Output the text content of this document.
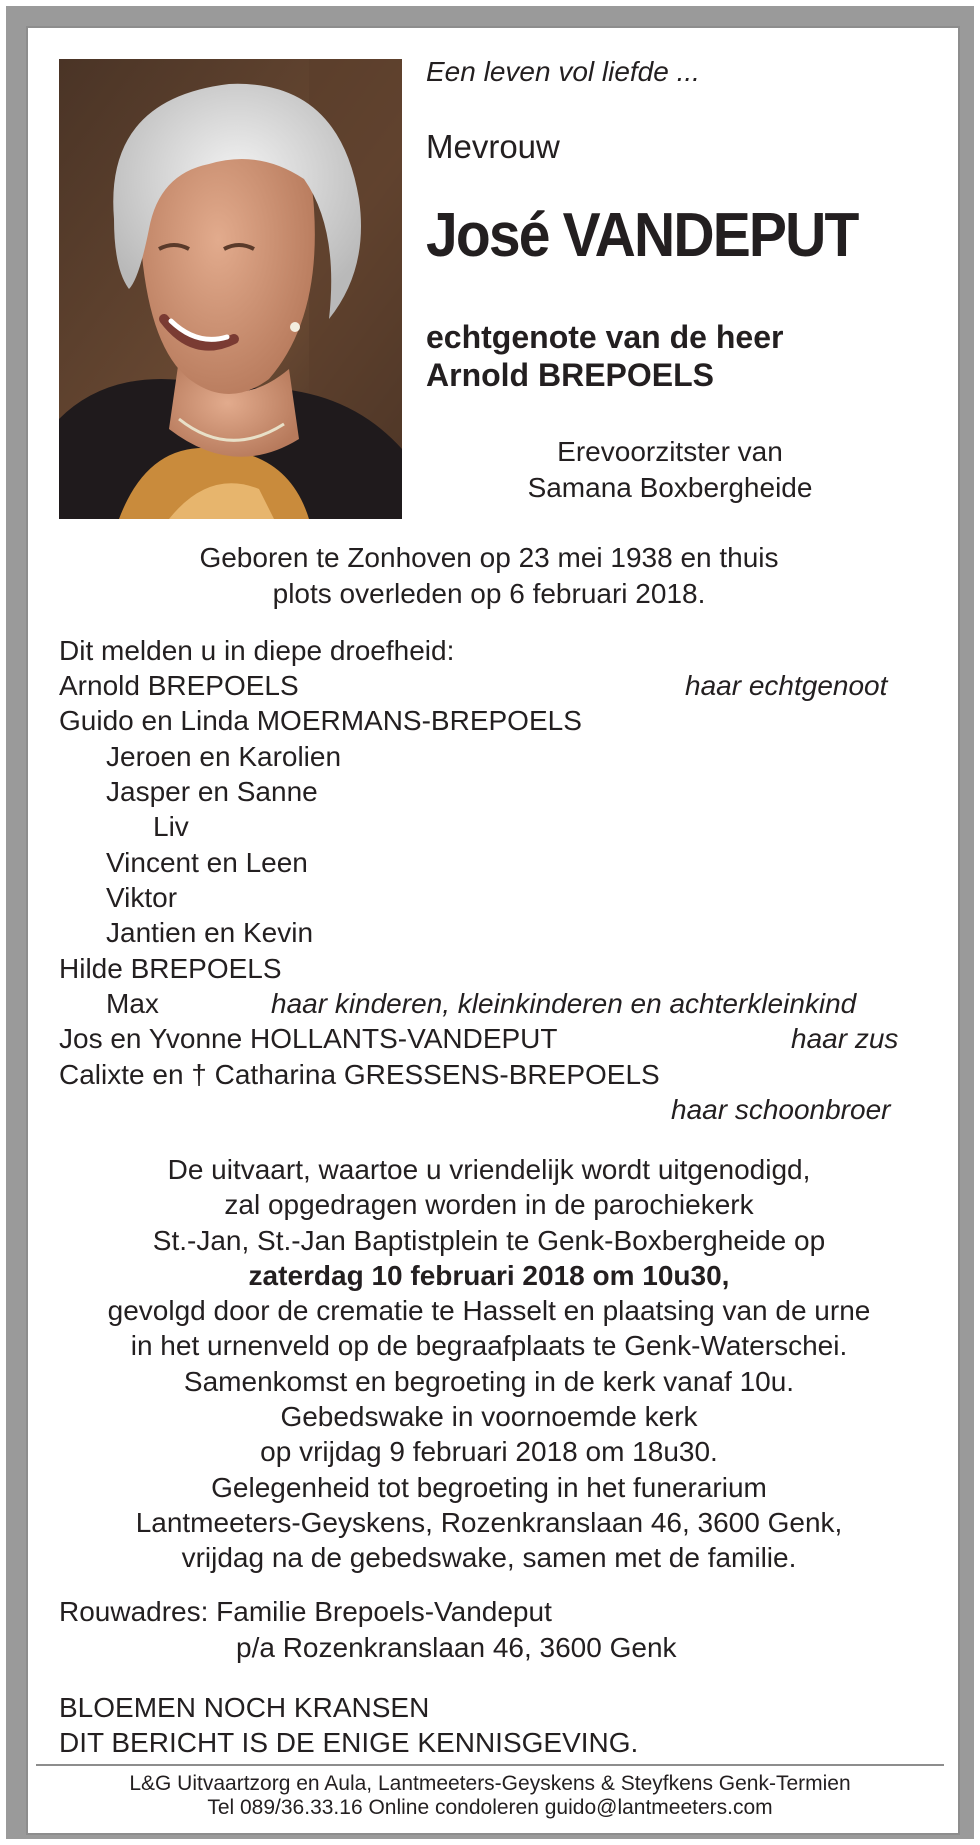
Een leven vol liefde ...
Mevrouw
José VANDEPUT
echtgenote van de heer
Arnold BREPOELS
Erevoorzitster van
Samana Boxbergheide
Geboren te Zonhoven op 23 mei 1938 en thuis
plots overleden op 6 februari 2018.
Dit melden u in diepe droefheid:
Arnold BREPOELS	haar echtgenoot
Guido en Linda MOERMANS-BREPOELS
Jeroen en Karolien
Jasper en Sanne
Liv
Vincent en Leen
Viktor
Jantien en Kevin
Hilde BREPOELS
Max	haar kinderen, kleinkinderen en achterkleinkind
Jos en Yvonne HOLLANTS-VANDEPUT	haar zus
Calixte en † Catharina GRESSENS-BREPOELS
haar schoonbroer
De uitvaart, waartoe u vriendelijk wordt uitgenodigd,
zal opgedragen worden in de parochiekerk
St.-Jan, St.-Jan Baptistplein te Genk-Boxbergheide op
zaterdag 10 februari 2018 om 10u30,
gevolgd door de crematie te Hasselt en plaatsing van de urne
in het urnenveld op de begraafplaats te Genk-Waterschei.
Samenkomst en begroeting in de kerk vanaf 10u.
Gebedswake in voornoemde kerk
op vrijdag 9 februari 2018 om 18u30.
Gelegenheid tot begroeting in het funerarium
Lantmeeters-Geyskens, Rozenkranslaan 46, 3600 Genk,
vrijdag na de gebedswake, samen met de familie.
Rouwadres: Familie Brepoels-Vandeput
p/a Rozenkranslaan 46, 3600 Genk
BLOEMEN NOCH KRANSEN
DIT BERICHT IS DE ENIGE KENNISGEVING.
L&G Uitvaartzorg en Aula, Lantmeeters-Geyskens & Steyfkens Genk-Termien
Tel 089/36.33.16 Online condoleren guido@lantmeeters.com
